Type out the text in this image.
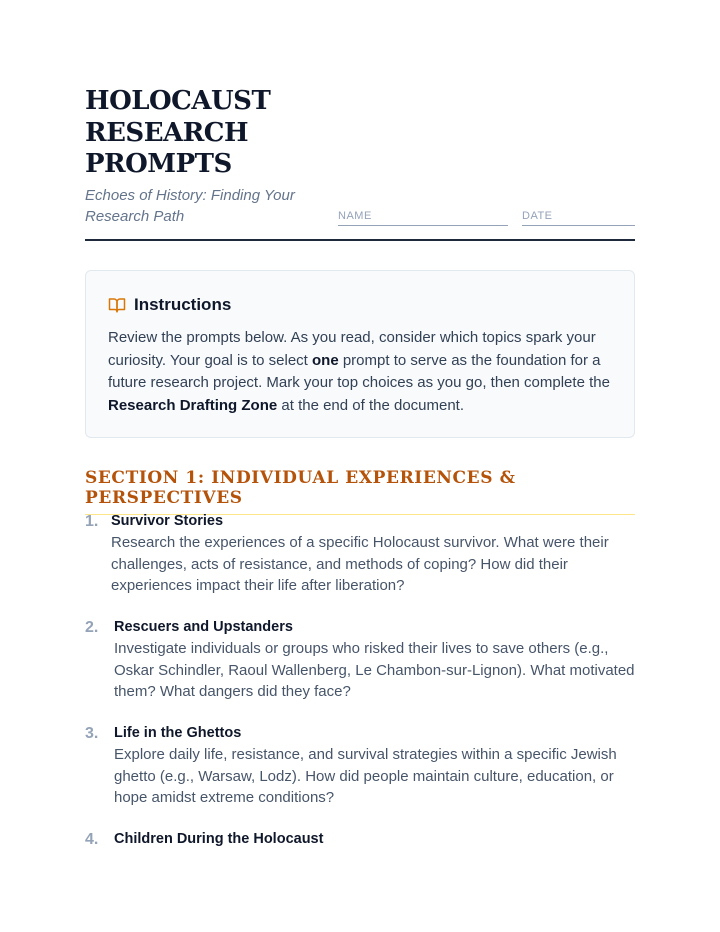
HOLOCAUST RESEARCH PROMPTS
Echoes of History: Finding Your Research Path	NAME	DATE
Instructions

Review the prompts below. As you read, consider which topics spark your curiosity. Your goal is to select one prompt to serve as the foundation for a future research project. Mark your top choices as you go, then complete the Research Drafting Zone at the end of the document.

SECTION 1: INDIVIDUAL EXPERIENCES & PERSPECTIVES
1. Survivor Stories
Research the experiences of a specific Holocaust survivor. What were their challenges, acts of resistance, and methods of coping? How did their experiences impact their life after liberation?
2.	Rescuers and Upstanders
Investigate individuals or groups who risked their lives to save others (e.g., Oskar Schindler, Raoul Wallenberg, Le Chambon-sur-Lignon). What motivated them? What dangers did they face?
3.	Life in the Ghettos
Explore daily life, resistance, and survival strategies within a specific Jewish ghetto (e.g., Warsaw, Lodz). How did people maintain culture, education, or hope amidst extreme conditions?
4.	Children During the Holocaust
